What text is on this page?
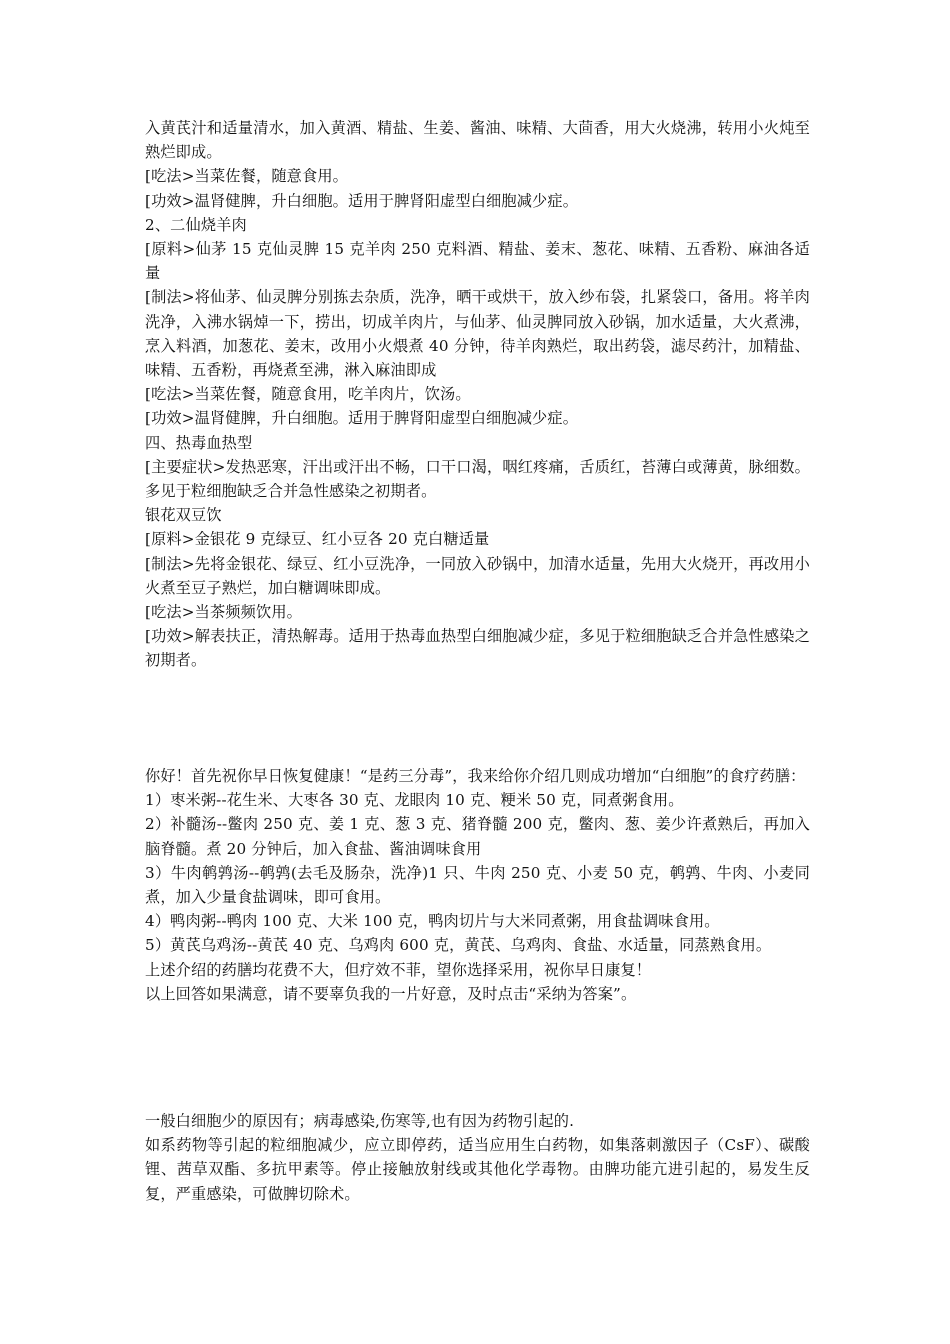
入黄芪汁和适量清水，加入黄酒、精盐、生姜、酱油、味精、大茴香，用大火烧沸，转用小火炖至熟烂即成。

[吃法>当菜佐餐，随意食用。

[功效>温肾健脾，升白细胞。适用于脾肾阳虚型白细胞减少症。

2、二仙烧羊肉

[原料>仙茅 15 克仙灵脾 15 克羊肉 250 克料酒、精盐、姜末、葱花、味精、五香粉、麻油各适量

[制法>将仙茅、仙灵脾分别拣去杂质，洗净，晒干或烘干，放入纱布袋，扎紧袋口，备用。将羊肉洗净，入沸水锅焯一下，捞出，切成羊肉片，与仙茅、仙灵脾同放入砂锅，加水适量，大火煮沸，烹入料酒，加葱花、姜末，改用小火煨煮 40 分钟，待羊肉熟烂，取出药袋，滤尽药汁，加精盐、味精、五香粉，再烧煮至沸，淋入麻油即成

[吃法>当菜佐餐，随意食用，吃羊肉片，饮汤。

[功效>温肾健脾，升白细胞。适用于脾肾阳虚型白细胞减少症。

四、热毒血热型

[主要症状>发热恶寒，汗出或汗出不畅，口干口渴，咽红疼痛，舌质红，苔薄白或薄黄，脉细数。多见于粒细胞缺乏合并急性感染之初期者。

银花双豆饮

[原料>金银花 9 克绿豆、红小豆各 20 克白糖适量

[制法>先将金银花、绿豆、红小豆洗净，一同放入砂锅中，加清水适量，先用大火烧开，再改用小火煮至豆子熟烂，加白糖调味即成。

[吃法>当茶频频饮用。

[功效>解表扶正，清热解毒。适用于热毒血热型白细胞减少症，多见于粒细胞缺乏合并急性感染之初期者。

你好！首先祝你早日恢复健康！“是药三分毒”，我来给你介绍几则成功增加“白细胞”的食疗药膳：

1）枣米粥--花生米、大枣各 30 克、龙眼肉 10 克、粳米 50 克，同煮粥食用。

2）补髓汤--鳖肉 250 克、姜 1 克、葱 3 克、猪脊髓 200 克，鳖肉、葱、姜少许煮熟后，再加入脑脊髓。煮 20 分钟后，加入食盐、酱油调味食用

3）牛肉鹌鹑汤--鹌鹑(去毛及肠杂，洗净)1 只、牛肉 250 克、小麦 50 克，鹌鹑、牛肉、小麦同煮，加入少量食盐调味，即可食用。

4）鸭肉粥--鸭肉 100 克、大米 100 克，鸭肉切片与大米同煮粥，用食盐调味食用。

5）黄芪乌鸡汤--黄芪 40 克、乌鸡肉 600 克，黄芪、乌鸡肉、食盐、水适量，同蒸熟食用。

上述介绍的药膳均花费不大，但疗效不菲，望你选择采用，祝你早日康复！

以上回答如果满意，请不要辜负我的一片好意，及时点击“采纳为答案”。

一般白细胞少的原因有；病毒感染,伤寒等,也有因为药物引起的.

如系药物等引起的粒细胞减少，应立即停药，适当应用生白药物，如集落刺激因子（CsF）、碳酸锂、茜草双酯、多抗甲素等。停止接触放射线或其他化学毒物。由脾功能亢进引起的，易发生反复，严重感染，可做脾切除术。
